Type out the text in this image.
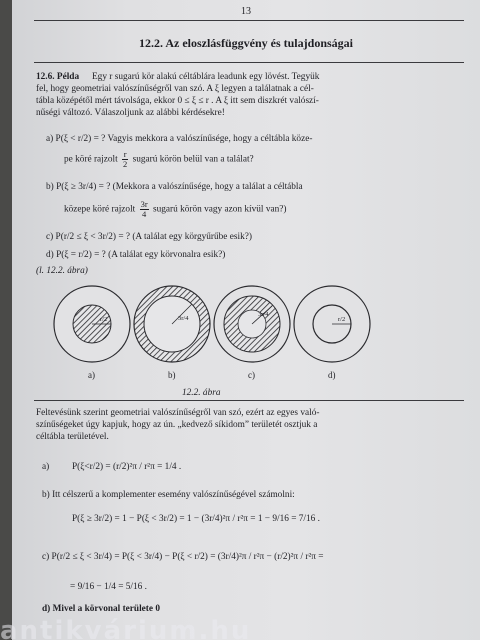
13
12.2. Az eloszlásfüggvény és tulajdonságai
12.6. Példa Egy r sugarú kör alakú céltáblára leadunk egy lövést. Tegyük
fel, hogy geometriai valószínűségről van szó. A ξ legyen a találatnak a cél-
tábla középétől mért távolsága, ekkor 0 ≤ ξ ≤ r . A ξ itt sem diszkrét valószí-
nűségi változó. Válaszoljunk az alábbi kérdésekre!
a) P(ξ < r/2) = ? Vagyis mekkora a valószínűsége, hogy a céltábla köze-
pe köré rajzolt $\frac{r}{2}$ sugarú körön belül van a találat?
b) P(ξ ≥ 3r/4) = ? (Mekkora a valószínűsége, hogy a találat a céltábla
közepe köré rajzolt $\frac{3r}{4}$ sugarú körön vagy azon kívül van?)
c) P(r/2 ≤ ξ < 3r/2) = ? (A találat egy körgyűrűbe esik?)
d) P(ξ = r/2) = ? (A találat egy körvonalra esik?)
(l. 12.2. ábra)
r/2	3r/4
3r/4
r/2
a)	b)	c)	d)
12.2. ábra
Feltevésünk szerint geometriai valószínűségről van szó, ezért az egyes való-
színűségeket úgy kapjuk, hogy az ún. „kedvező síkidom” területét osztjuk a
céltábla területével.
a) P(ξ<r/2) = (r/2)²π / r²π = 1/4 .
b) Itt célszerű a komplementer esemény valószínűségével számolni:
P(ξ ≥ 3r/2) = 1 − P(ξ < 3r/2) = 1 − (3r/4)²π / r²π = 1 − 9/16 = 7/16 .
c) P(r/2 ≤ ξ < 3r/4) = P(ξ < 3r/4) − P(ξ < r/2) = (3r/4)²π / r²π − (r/2)²π / r²π =
= 9/16 − 1/4 = 5/16 .
d) Mivel a körvonal területe 0
antikvárium.hu
